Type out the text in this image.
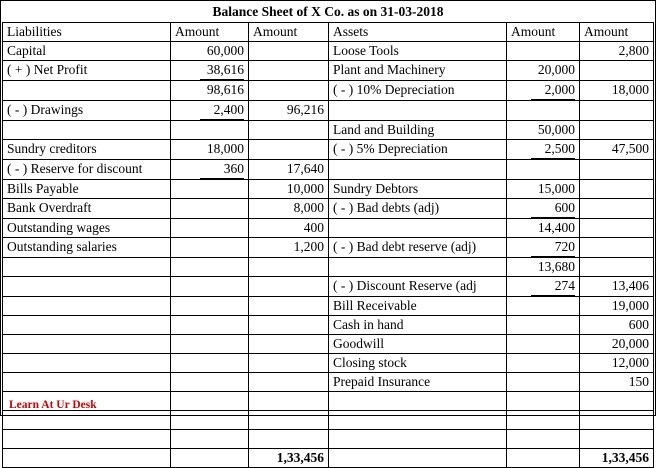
Balance Sheet of X Co. as on 31-03-2018
Liabilities	Amount	Amount	Assets	Amount	Amount
Capital	60,000		Loose Tools		2,800
( + ) Net Profit	38,616		Plant and Machinery	20,000	
	98,616		( - ) 10% Depreciation	2,000	18,000
( - ) Drawings	2,400	96,216			
			Land and Building	50,000	
Sundry creditors	18,000		( - ) 5% Depreciation	2,500	47,500
( - ) Reserve for discount	360	17,640			
Bills Payable		10,000	Sundry Debtors	15,000	
Bank Overdraft		8,000	( - ) Bad debts (adj)	600	
Outstanding wages		400		14,400	
Outstanding salaries		1,200	( - ) Bad debt reserve (adj)	720	
				13,680	
			( - ) Discount Reserve (adj	274	13,406
			Bill Receivable		19,000
			Cash in hand		600
			Goodwill		20,000
			Closing stock		12,000
			Prepaid Insurance		150

		1,33,456			1,33,456
Learn At Ur Desk
